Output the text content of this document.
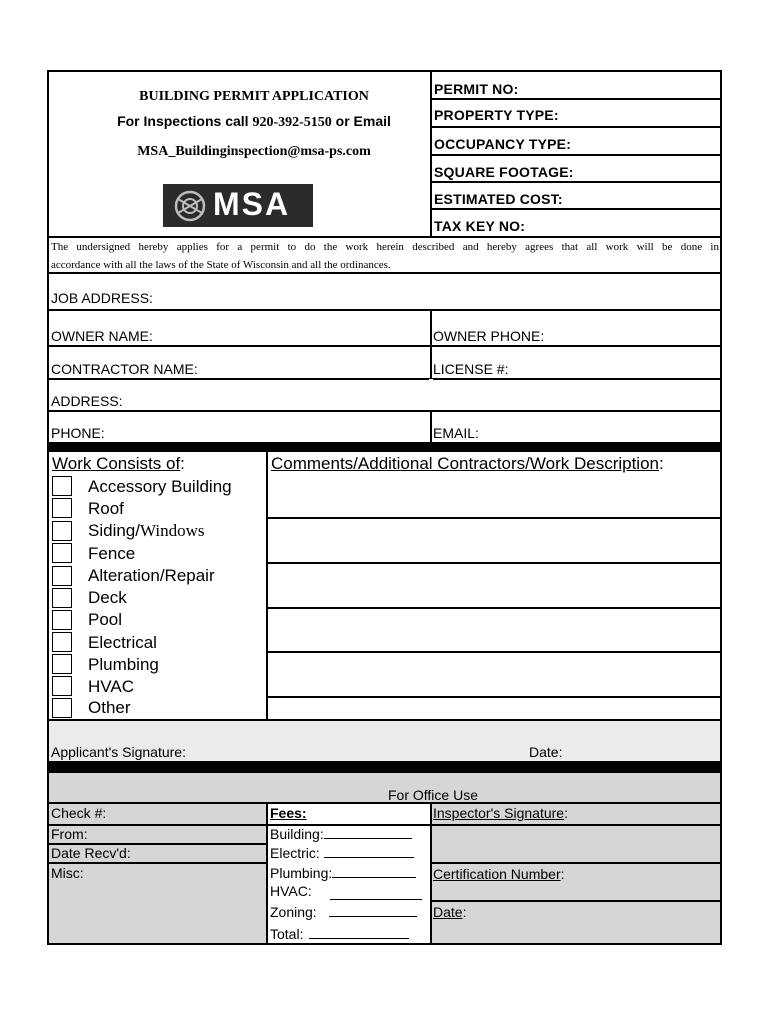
BUILDING PERMIT APPLICATION
For Inspections call 920-392-5150 or Email
MSA_Buildinginspection@msa-ps.com
MSA
PERMIT NO:
PROPERTY TYPE:
OCCUPANCY TYPE:
SQUARE FOOTAGE:
ESTIMATED COST:
TAX KEY NO:
The undersigned hereby applies for a permit to do the work herein described and hereby agrees that all work will be done in
accordance with all the laws of the State of Wisconsin and all the ordinances.
JOB ADDRESS:
OWNER NAME:	OWNER PHONE:
CONTRACTOR NAME:	LICENSE #:
ADDRESS:
PHONE:	EMAIL:
Work Consists of:
Accessory Building
Roof
Siding/Windows
Fence
Alteration/Repair
Deck
Pool
Electrical
Plumbing
HVAC
Other
Comments/Additional Contractors/Work Description:
Applicant's Signature:	Date:
For Office Use
Check #:
From:
Date Recv'd:
Misc:
Fees:
Building:
Electric:
Plumbing:
HVAC:
Zoning:
Total:
Inspector's Signature:
Certification Number:
Date:
